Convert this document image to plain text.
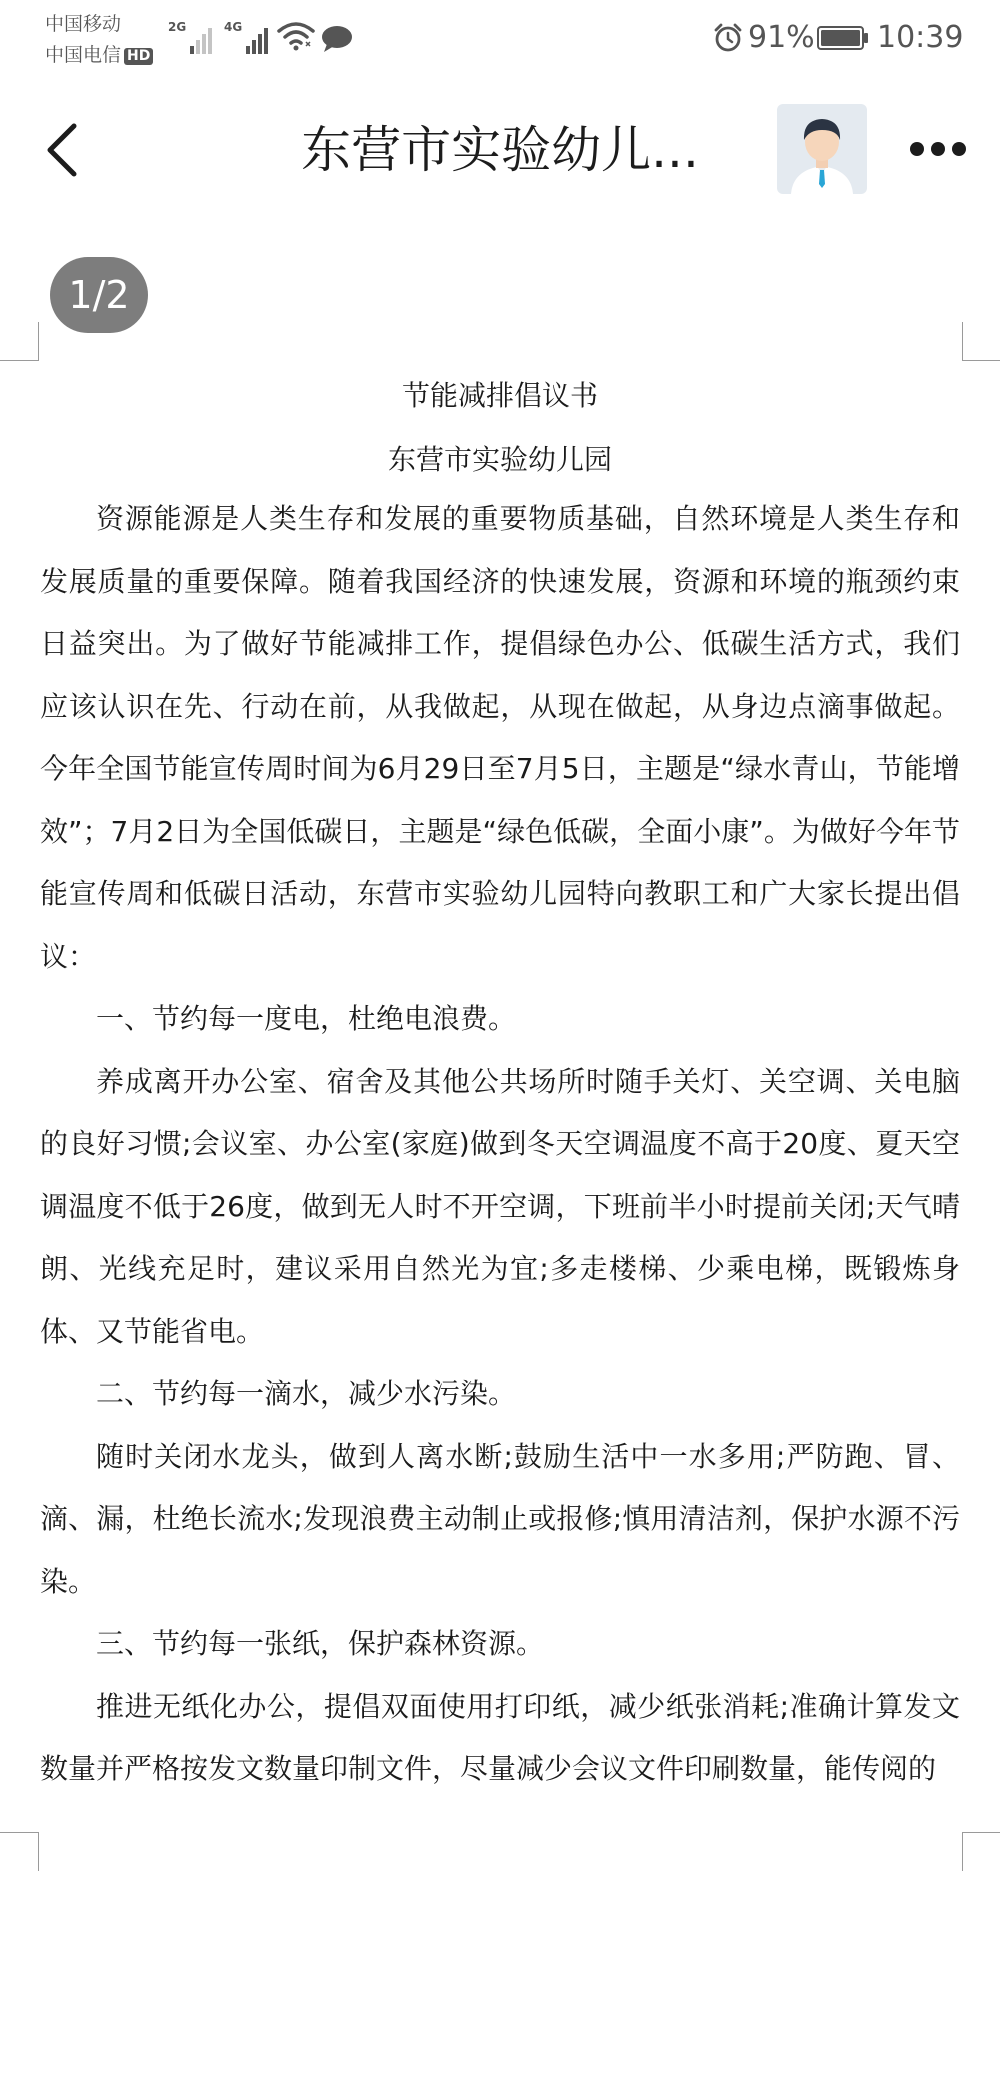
中国移动
中国电信 HD
2G	4G	91% 10:39
东营市实验幼儿...

节能减排倡议书

东营市实验幼儿园

资源能源是人类生存和发展的重要物质基础，自然环境是人类生存和发展质量的重要保障。随着我国经济的快速发展，资源和环境的瓶颈约束日益突出。为了做好节能减排工作，提倡绿色办公、低碳生活方式，我们应该认识在先、行动在前，从我做起，从现在做起，从身边点滴事做起。今年全国节能宣传周时间为6月29日至7月5日，主题是“绿水青山，节能增效”；7月2日为全国低碳日，主题是“绿色低碳，全面小康”。为做好今年节能宣传周和低碳日活动，东营市实验幼儿园特向教职工和广大家长提出倡议：

一、节约每一度电，杜绝电浪费。

养成离开办公室、宿舍及其他公共场所时随手关灯、关空调、关电脑的良好习惯;会议室、办公室(家庭)做到冬天空调温度不高于20度、夏天空调温度不低于26度，做到无人时不开空调，下班前半小时提前关闭;天气晴朗、光线充足时，建议采用自然光为宜;多走楼梯、少乘电梯，既锻炼身体、又节能省电。

二、节约每一滴水，减少水污染。

随时关闭水龙头，做到人离水断;鼓励生活中一水多用;严防跑、冒、滴、漏，杜绝长流水;发现浪费主动制止或报修;慎用清洁剂，保护水源不污染。

三、节约每一张纸，保护森林资源。

推进无纸化办公，提倡双面使用打印纸，减少纸张消耗;准确计算发文数量并严格按发文数量印制文件，尽量减少会议文件印刷数量，能传阅的

1/2
